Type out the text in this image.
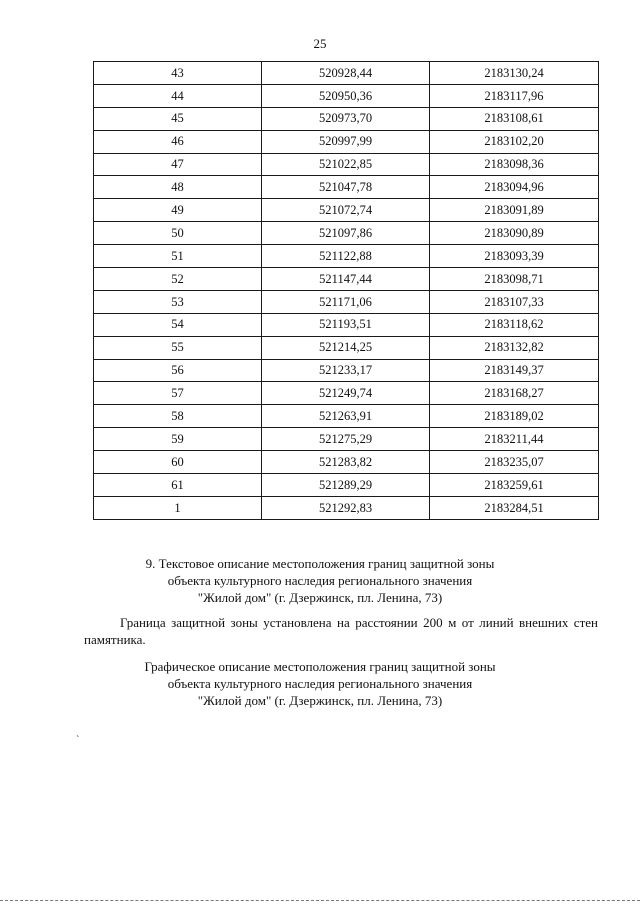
25
43	520928,44	2183130,24
44	520950,36	2183117,96
45	520973,70	2183108,61
46	520997,99	2183102,20
47	521022,85	2183098,36
48	521047,78	2183094,96
49	521072,74	2183091,89
50	521097,86	2183090,89
51	521122,88	2183093,39
52	521147,44	2183098,71
53	521171,06	2183107,33
54	521193,51	2183118,62
55	521214,25	2183132,82
56	521233,17	2183149,37
57	521249,74	2183168,27
58	521263,91	2183189,02
59	521275,29	2183211,44
60	521283,82	2183235,07
61	521289,29	2183259,61
1	521292,83	2183284,51
9. Текстовое описание местоположения границ защитной зоны
объекта культурного наследия регионального значения
"Жилой дом" (г. Дзержинск, пл. Ленина, 73)
Граница защитной зоны установлена на расстоянии 200 м от линий внешних стен памятника.
Графическое описание местоположения границ защитной зоны
объекта культурного наследия регионального значения
"Жилой дом" (г. Дзержинск, пл. Ленина, 73)
`
